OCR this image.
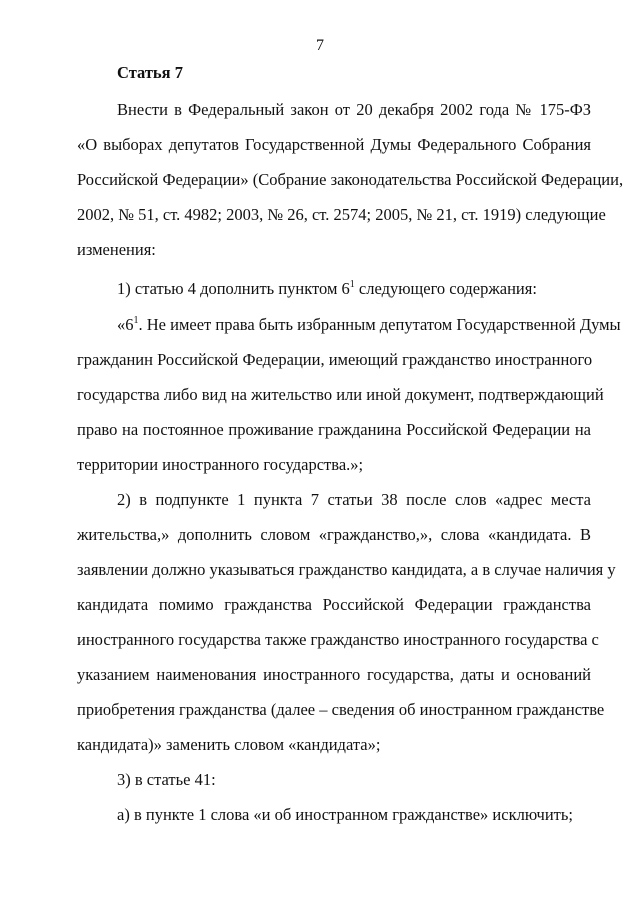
7
Статья 7
Внести в Федеральный закон от 20 декабря 2002 года № 175-ФЗ
«О выборах депутатов Государственной Думы Федерального Собрания
Российской Федерации» (Собрание законодательства Российской Федерации,
2002, № 51, ст. 4982; 2003, № 26, ст. 2574; 2005, № 21, ст. 1919) следующие
изменения:
1) статью 4 дополнить пунктом $6^1$ следующего содержания:
«$6^1$. Не имеет права быть избранным депутатом Государственной Думы
гражданин Российской Федерации, имеющий гражданство иностранного
государства либо вид на жительство или иной документ, подтверждающий
право на постоянное проживание гражданина Российской Федерации на
территории иностранного государства.»;
2) в подпункте 1 пункта 7 статьи 38 после слов «адрес места
жительства,» дополнить словом «гражданство,», слова «кандидата. В
заявлении должно указываться гражданство кандидата, а в случае наличия у
кандидата помимо гражданства Российской Федерации гражданства
иностранного государства также гражданство иностранного государства с
указанием наименования иностранного государства, даты и оснований
приобретения гражданства (далее – сведения об иностранном гражданстве
кандидата)» заменить словом «кандидата»;
3) в статье 41:
а) в пункте 1 слова «и об иностранном гражданстве» исключить;
